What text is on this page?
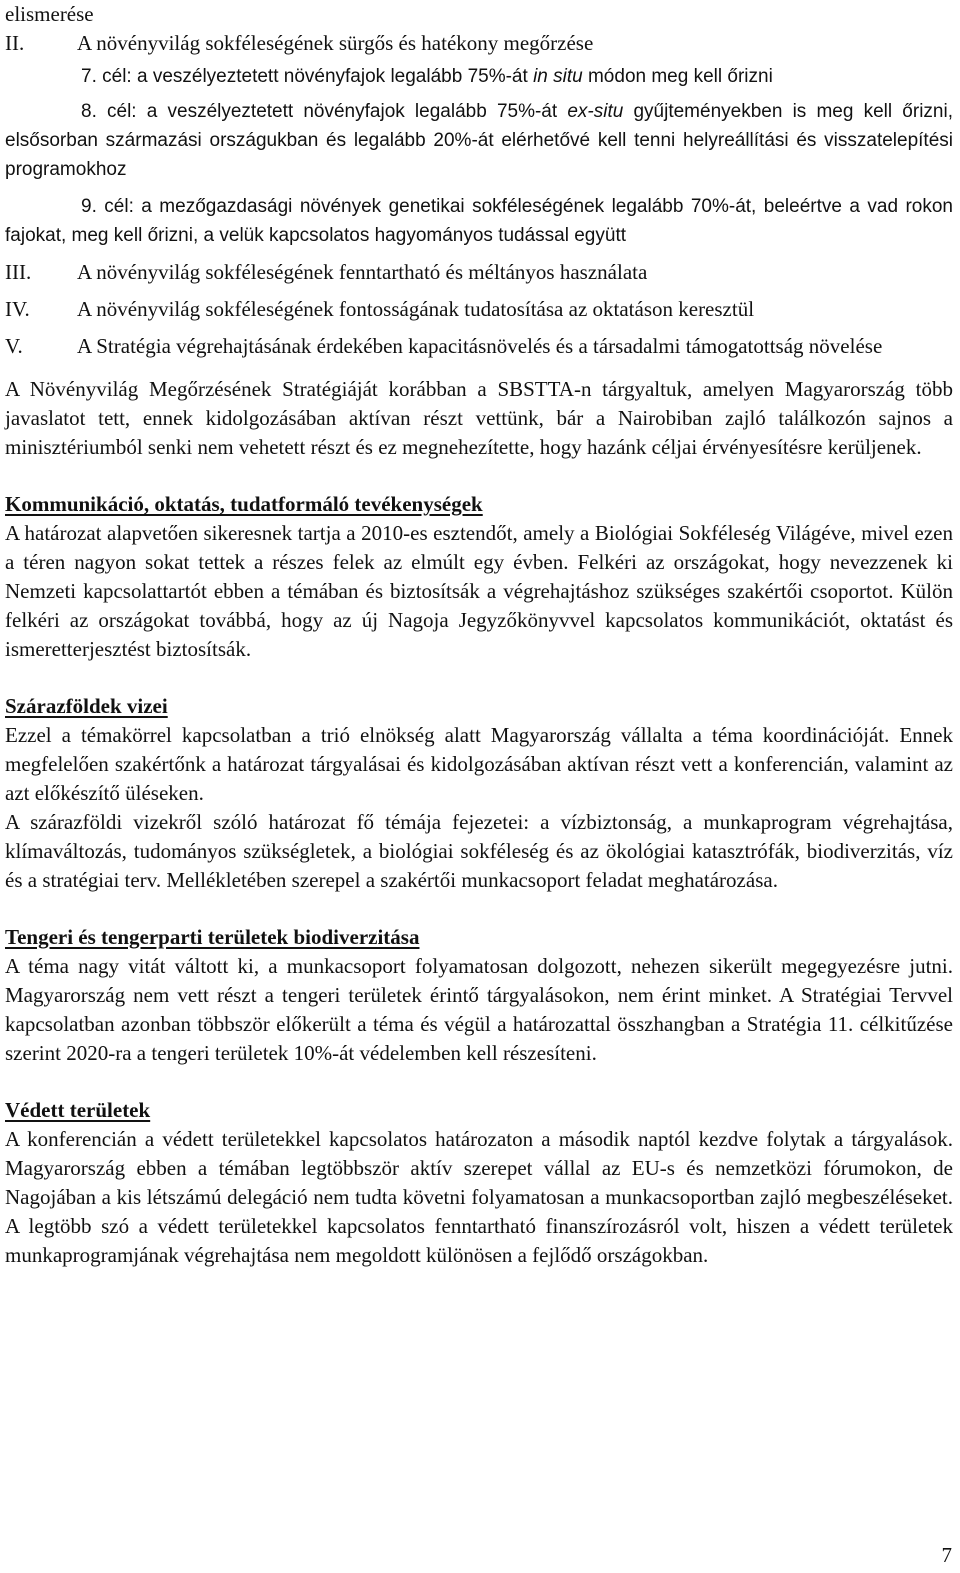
elismerése

II.	A növényvilág sokféleségének sürgős és hatékony megőrzése

7. cél: a veszélyeztetett növényfajok legalább 75%-át in situ módon meg kell őrizni

8. cél: a veszélyeztetett növényfajok legalább 75%-át ex-situ gyűjteményekben is meg kell őrizni, elsősorban származási országukban és legalább 20%-át elérhetővé kell tenni helyreállítási és visszatelepítési programokhoz

9. cél: a mezőgazdasági növények genetikai sokféleségének legalább 70%-át, beleértve a vad rokon fajokat, meg kell őrizni, a velük kapcsolatos hagyományos tudással együtt

III.	A növényvilág sokféleségének fenntartható és méltányos használata
IV.	A növényvilág sokféleségének fontosságának tudatosítása az oktatáson keresztül

V.	A Stratégia végrehajtásának érdekében kapacitásnövelés és a társadalmi támogatottság növelése

A Növényvilág Megőrzésének Stratégiáját korábban a SBSTTA-n tárgyaltuk, amelyen Magyarország több javaslatot tett, ennek kidolgozásában aktívan részt vettünk, bár a Nairobiban zajló találkozón sajnos a minisztériumból senki nem vehetett részt és ez megnehezítette, hogy hazánk céljai érvényesítésre kerüljenek.

Kommunikáció, oktatás, tudatformáló tevékenységek

A határozat alapvetően sikeresnek tartja a 2010-es esztendőt, amely a Biológiai Sokféleség Világéve, mivel ezen a téren nagyon sokat tettek a részes felek az elmúlt egy évben. Felkéri az országokat, hogy nevezzenek ki Nemzeti kapcsolattartót ebben a témában és biztosítsák a végrehajtáshoz szükséges szakértői csoportot. Külön felkéri az országokat továbbá, hogy az új Nagoja Jegyzőkönyvvel kapcsolatos kommunikációt, oktatást és ismeretterjesztést biztosítsák.

Szárazföldek vizei

Ezzel a témakörrel kapcsolatban a trió elnökség alatt Magyarország vállalta a téma koordinációját. Ennek megfelelően szakértőnk a határozat tárgyalásai és kidolgozásában aktívan részt vett a konferencián, valamint az azt előkészítő üléseken.

A szárazföldi vizekről szóló határozat fő témája fejezetei: a vízbiztonság, a munkaprogram végrehajtása, klímaváltozás, tudományos szükségletek, a biológiai sokféleség és az ökológiai katasztrófák, biodiverzitás, víz és a stratégiai terv. Mellékletében szerepel a szakértői munkacsoport feladat meghatározása.

Tengeri és tengerparti területek biodiverzitása

A téma nagy vitát váltott ki, a munkacsoport folyamatosan dolgozott, nehezen sikerült megegyezésre jutni. Magyarország nem vett részt a tengeri területek érintő tárgyalásokon, nem érint minket. A Stratégiai Tervvel kapcsolatban azonban többször előkerült a téma és végül a határozattal összhangban a Stratégia 11. célkitűzése szerint 2020-ra a tengeri területek 10%-át védelemben kell részesíteni.

Védett területek

A konferencián a védett területekkel kapcsolatos határozaton a második naptól kezdve folytak a tárgyalások. Magyarország ebben a témában legtöbbször aktív szerepet vállal az EU-s és nemzetközi fórumokon, de Nagojában a kis létszámú delegáció nem tudta követni folyamatosan a munkacsoportban zajló megbeszéléseket. A legtöbb szó a védett területekkel kapcsolatos fenntartható finanszírozásról volt, hiszen a védett területek munkaprogramjának végrehajtása nem megoldott különösen a fejlődő országokban.

7
